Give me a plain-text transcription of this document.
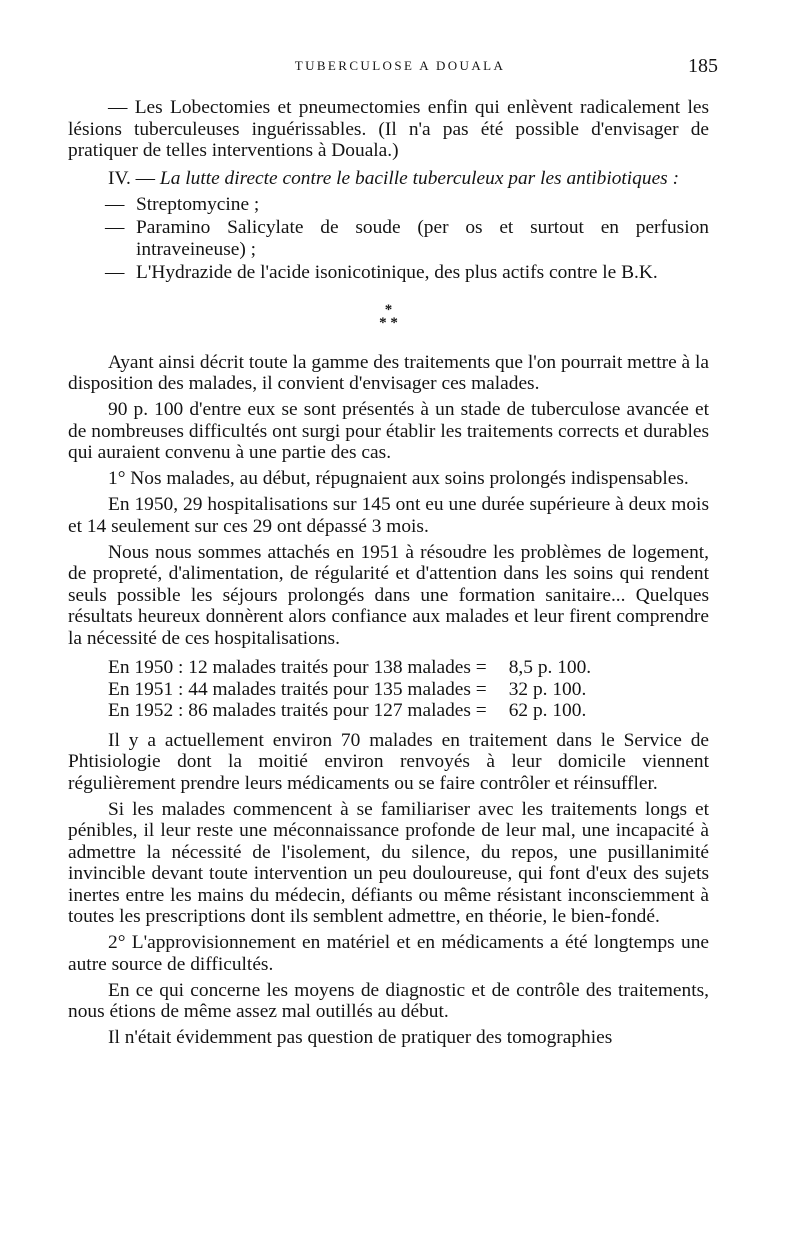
TUBERCULOSE A DOUALA	185

— Les Lobectomies et pneumectomies enfin qui enlèvent radicalement les lésions tuberculeuses inguérissables. (Il n'a pas été possible d'envisager de pratiquer de telles interventions à Douala.)

IV. — La lutte directe contre le bacille tuberculeux par les antibiotiques :

— Streptomycine ;

— Paramino Salicylate de soude (per os et surtout en perfusion intraveineuse) ;

— L'Hydrazide de l'acide isonicotinique, des plus actifs contre le B.K.

*
* *

Ayant ainsi décrit toute la gamme des traitements que l'on pourrait mettre à la disposition des malades, il convient d'envisager ces malades.

90 p. 100 d'entre eux se sont présentés à un stade de tuberculose avancée et de nombreuses difficultés ont surgi pour établir les traitements corrects et durables qui auraient convenu à une partie des cas.

1° Nos malades, au début, répugnaient aux soins prolongés indispensables.

En 1950, 29 hospitalisations sur 145 ont eu une durée supérieure à deux mois et 14 seulement sur ces 29 ont dépassé 3 mois.

Nous nous sommes attachés en 1951 à résoudre les problèmes de logement, de propreté, d'alimentation, de régularité et d'attention dans les soins qui rendent seuls possible les séjours prolongés dans une formation sanitaire... Quelques résultats heureux donnèrent alors confiance aux malades et leur firent comprendre la nécessité de ces hospitalisations.

En 1950 : 12 malades traités pour 138 malades =	8,5 p. 100.
En 1951 : 44 malades traités pour 135 malades =	32 p. 100.
En 1952 : 86 malades traités pour 127 malades =	62 p. 100.

Il y a actuellement environ 70 malades en traitement dans le Service de Phtisiologie dont la moitié environ renvoyés à leur domicile viennent régulièrement prendre leurs médicaments ou se faire contrôler et réinsuffler.

Si les malades commencent à se familiariser avec les traitements longs et pénibles, il leur reste une méconnaissance profonde de leur mal, une incapacité à admettre la nécessité de l'isolement, du silence, du repos, une pusillanimité invincible devant toute intervention un peu douloureuse, qui font d'eux des sujets inertes entre les mains du médecin, défiants ou même résistant inconsciemment à toutes les prescriptions dont ils semblent admettre, en théorie, le bien-fondé.

2° L'approvisionnement en matériel et en médicaments a été longtemps une autre source de difficultés.

En ce qui concerne les moyens de diagnostic et de contrôle des traitements, nous étions de même assez mal outillés au début.

Il n'était évidemment pas question de pratiquer des tomographies
